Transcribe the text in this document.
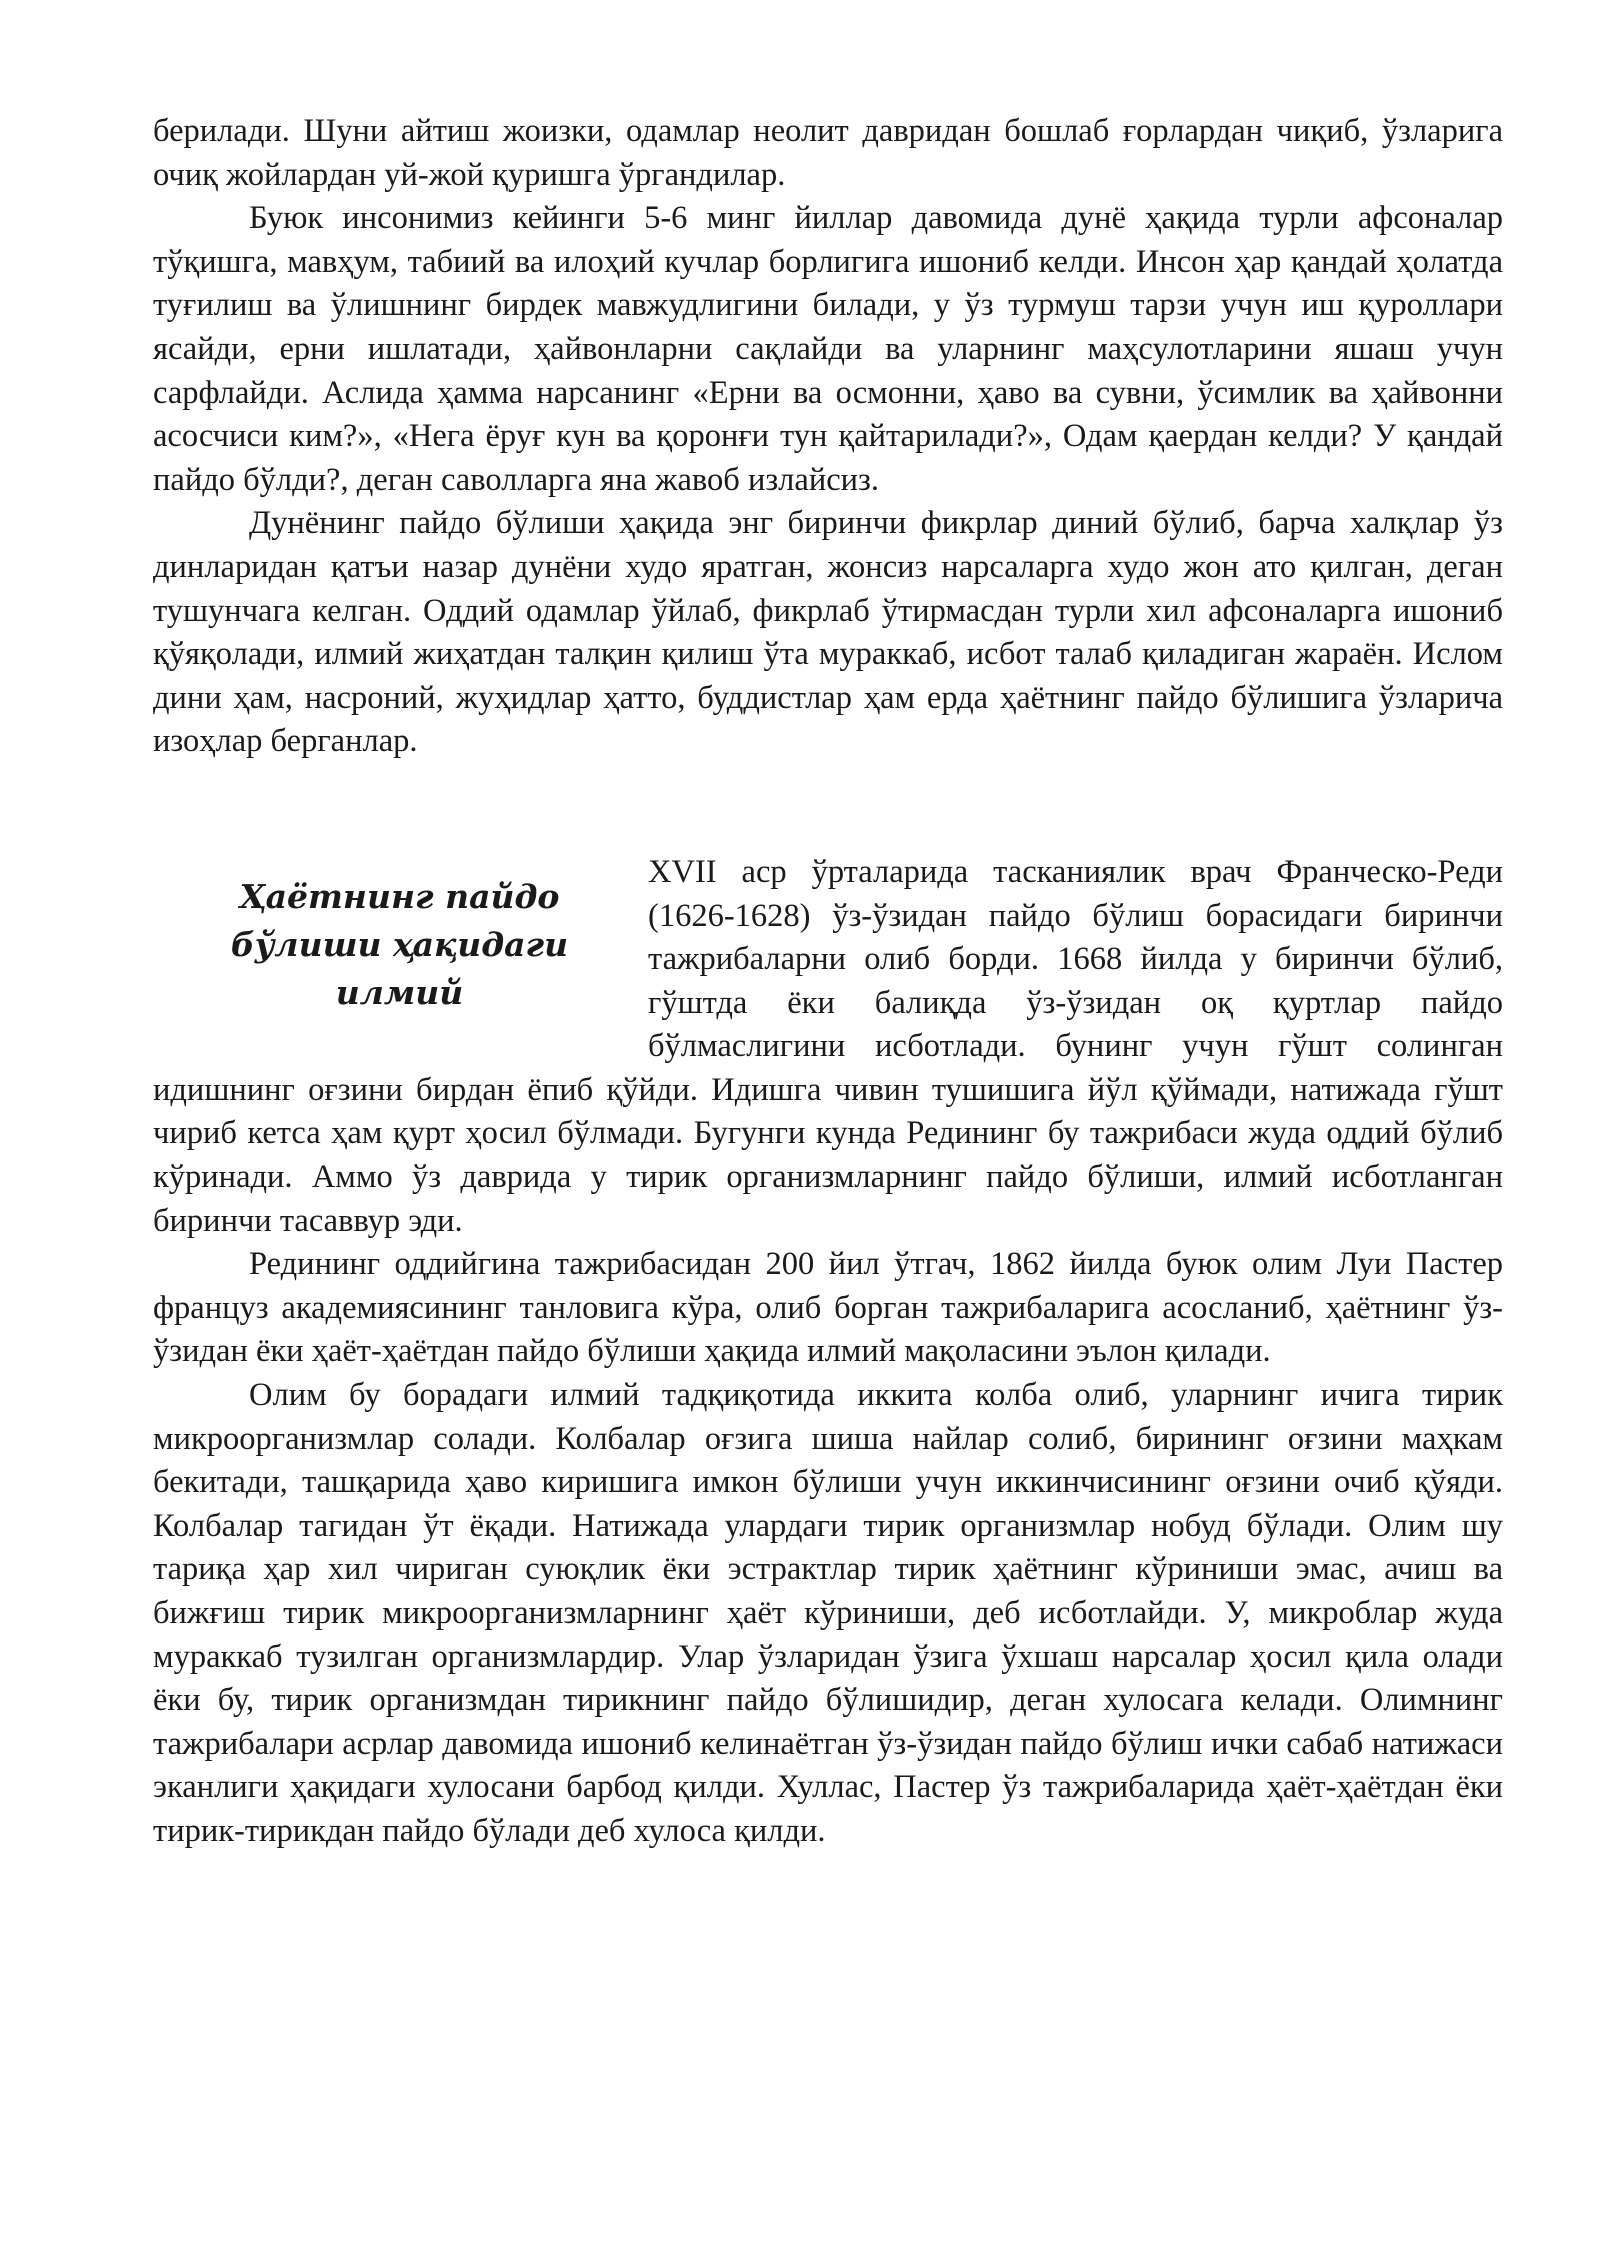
берилади. Шуни айтиш жоизки, одамлар неолит давридан бошлаб ғорлардан чиқиб, ўзларига очиқ жойлардан уй-жой қуришга ўргандилар.

Буюк инсонимиз кейинги 5-6 минг йиллар давомида дунё ҳақида турли афсоналар тўқишга, мавҳум, табиий ва илоҳий кучлар борлигига ишониб келди. Инсон ҳар қандай ҳолатда туғилиш ва ўлишнинг бирдек мавжудлигини билади, у ўз турмуш тарзи учун иш қуроллари ясайди, ерни ишлатади, ҳайвонларни сақлайди ва уларнинг маҳсулотларини яшаш учун сарфлайди. Аслида ҳамма нарсанинг «Ерни ва осмонни, ҳаво ва сувни, ўсимлик ва ҳайвонни асосчиси ким?», «Нега ёруғ кун ва қоронғи тун қайтарилади?», Одам қаердан келди? У қандай пайдо бўлди?, деган саволларга яна жавоб излайсиз.

Дунёнинг пайдо бўлиши ҳақида энг биринчи фикрлар диний бўлиб, барча халқлар ўз динларидан қатъи назар дунёни худо яратган, жонсиз нарсаларга худо жон ато қилган, деган тушунчага келган. Оддий одамлар ўйлаб, фикрлаб ўтирмасдан турли хил афсоналарга ишониб қўяқолади, илмий жиҳатдан талқин қилиш ўта мураккаб, исбот талаб қиладиган жараён. Ислом дини ҳам, насроний, жуҳидлар ҳатто, буддистлар ҳам ерда ҳаётнинг пайдо бўлишига ўзларича изоҳлар берганлар.

Ҳаётнинг пайдо бўлиши ҳақидаги илмий

XVII аср ўрталарида тасканиялик врач Франческо-Реди (1626-1628) ўз-ўзидан пайдо бўлиш борасидаги биринчи тажрибаларни олиб борди. 1668 йилда у биринчи бўлиб, гўштда ёки балиқда ўз-ўзидан оқ қуртлар пайдо бўлмаслигини исботлади. бунинг учун гўшт солинган идишнинг оғзини бирдан ёпиб қўйди. Идишга чивин тушишига йўл қўймади, натижада гўшт чириб кетса ҳам қурт ҳосил бўлмади. Бугунги кунда Редининг бу тажрибаси жуда оддий бўлиб кўринади. Аммо ўз даврида у тирик организмларнинг пайдо бўлиши, илмий исботланган биринчи тасаввур эди.

Редининг оддийгина тажрибасидан 200 йил ўтгач, 1862 йилда буюк олим Луи Пастер француз академиясининг танловига кўра, олиб борган тажрибаларига асосланиб, ҳаётнинг ўз-ўзидан ёки ҳаёт-ҳаётдан пайдо бўлиши ҳақида илмий мақоласини эълон қилади.

Олим бу борадаги илмий тадқиқотида иккита колба олиб, уларнинг ичига тирик микроорганизмлар солади. Колбалар оғзига шиша найлар солиб, бирининг оғзини маҳкам бекитади, ташқарида ҳаво киришига имкон бўлиши учун иккинчисининг оғзини очиб қўяди. Колбалар тагидан ўт ёқади. Натижада улардаги тирик организмлар нобуд бўлади. Олим шу тариқа ҳар хил чириган суюқлик ёки эстрактлар тирик ҳаётнинг кўриниши эмас, ачиш ва бижғиш тирик микроорганизмларнинг ҳаёт кўриниши, деб исботлайди. У, микроблар жуда мураккаб тузилган организмлардир. Улар ўзларидан ўзига ўхшаш нарсалар ҳосил қила олади ёки бу, тирик организмдан тирикнинг пайдо бўлишидир, деган хулосага келади. Олимнинг тажрибалари асрлар давомида ишониб келинаётган ўз-ўзидан пайдо бўлиш ички сабаб натижаси эканлиги ҳақидаги хулосани барбод қилди. Хуллас, Пастер ўз тажрибаларида ҳаёт-ҳаётдан ёки тирик-тирикдан пайдо бўлади деб хулоса қилди.
